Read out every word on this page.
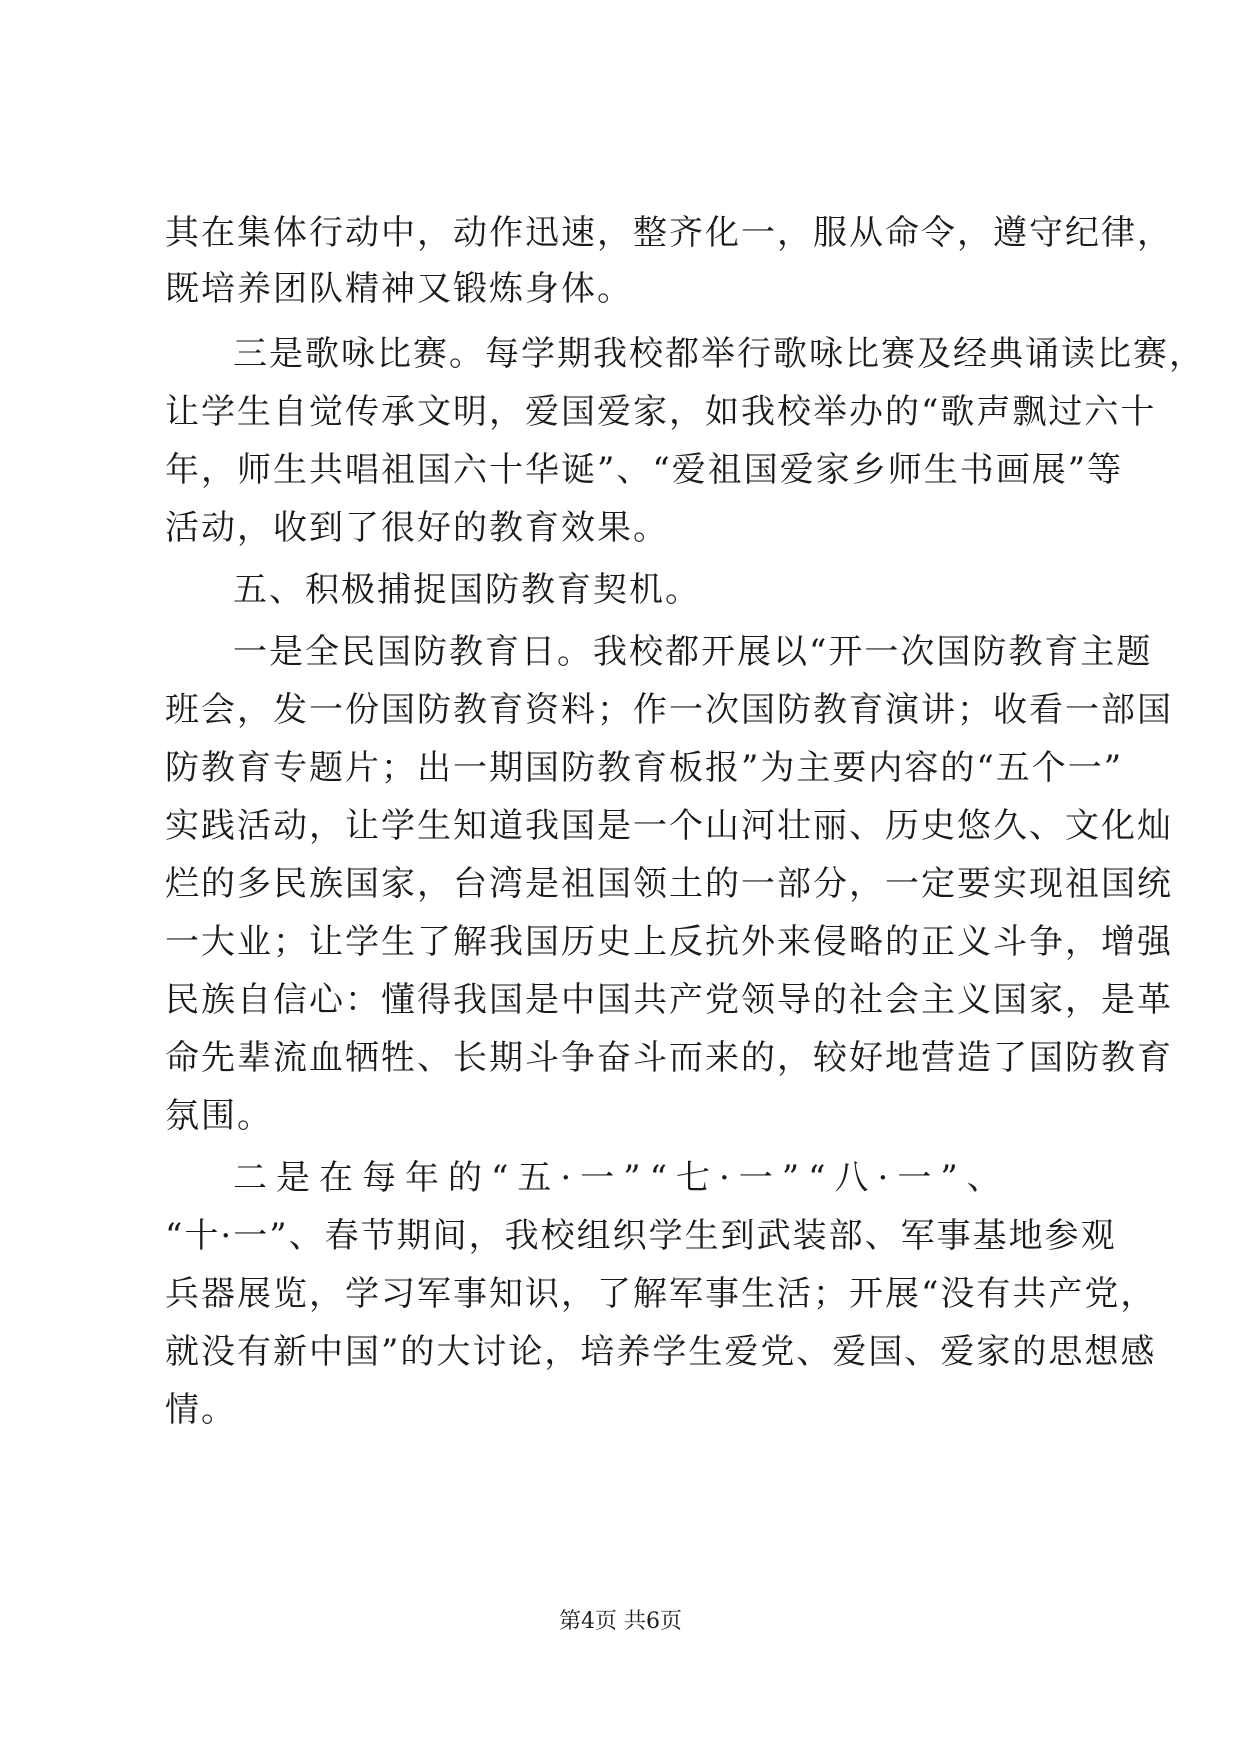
其在集体行动中，动作迅速，整齐化一，服从命令，遵守纪律，
既培养团队精神又锻炼身体。
三是歌咏比赛。每学期我校都举行歌咏比赛及经典诵读比赛，
让学生自觉传承文明，爱国爱家，如我校举办的“歌声飘过六十
年，师生共唱祖国六十华诞”、“爱祖国爱家乡师生书画展”等
活动，收到了很好的教育效果。
五、积极捕捉国防教育契机。
一是全民国防教育日。我校都开展以“开一次国防教育主题
班会，发一份国防教育资料；作一次国防教育演讲；收看一部国
防教育专题片；出一期国防教育板报”为主要内容的“五个一”
实践活动，让学生知道我国是一个山河壮丽、历史悠久、文化灿
烂的多民族国家，台湾是祖国领土的一部分，一定要实现祖国统
一大业；让学生了解我国历史上反抗外来侵略的正义斗争，增强
民族自信心：懂得我国是中国共产党领导的社会主义国家，是革
命先辈流血牺牲、长期斗争奋斗而来的，较好地营造了国防教育
氛围。
二是在每年的“五·一”“七·一”“八·一”、
“十·一”、春节期间，我校组织学生到武装部、军事基地参观
兵器展览，学习军事知识，了解军事生活；开展“没有共产党，
就没有新中国”的大讨论，培养学生爱党、爱国、爱家的思想感
情。
第4页 共6页
